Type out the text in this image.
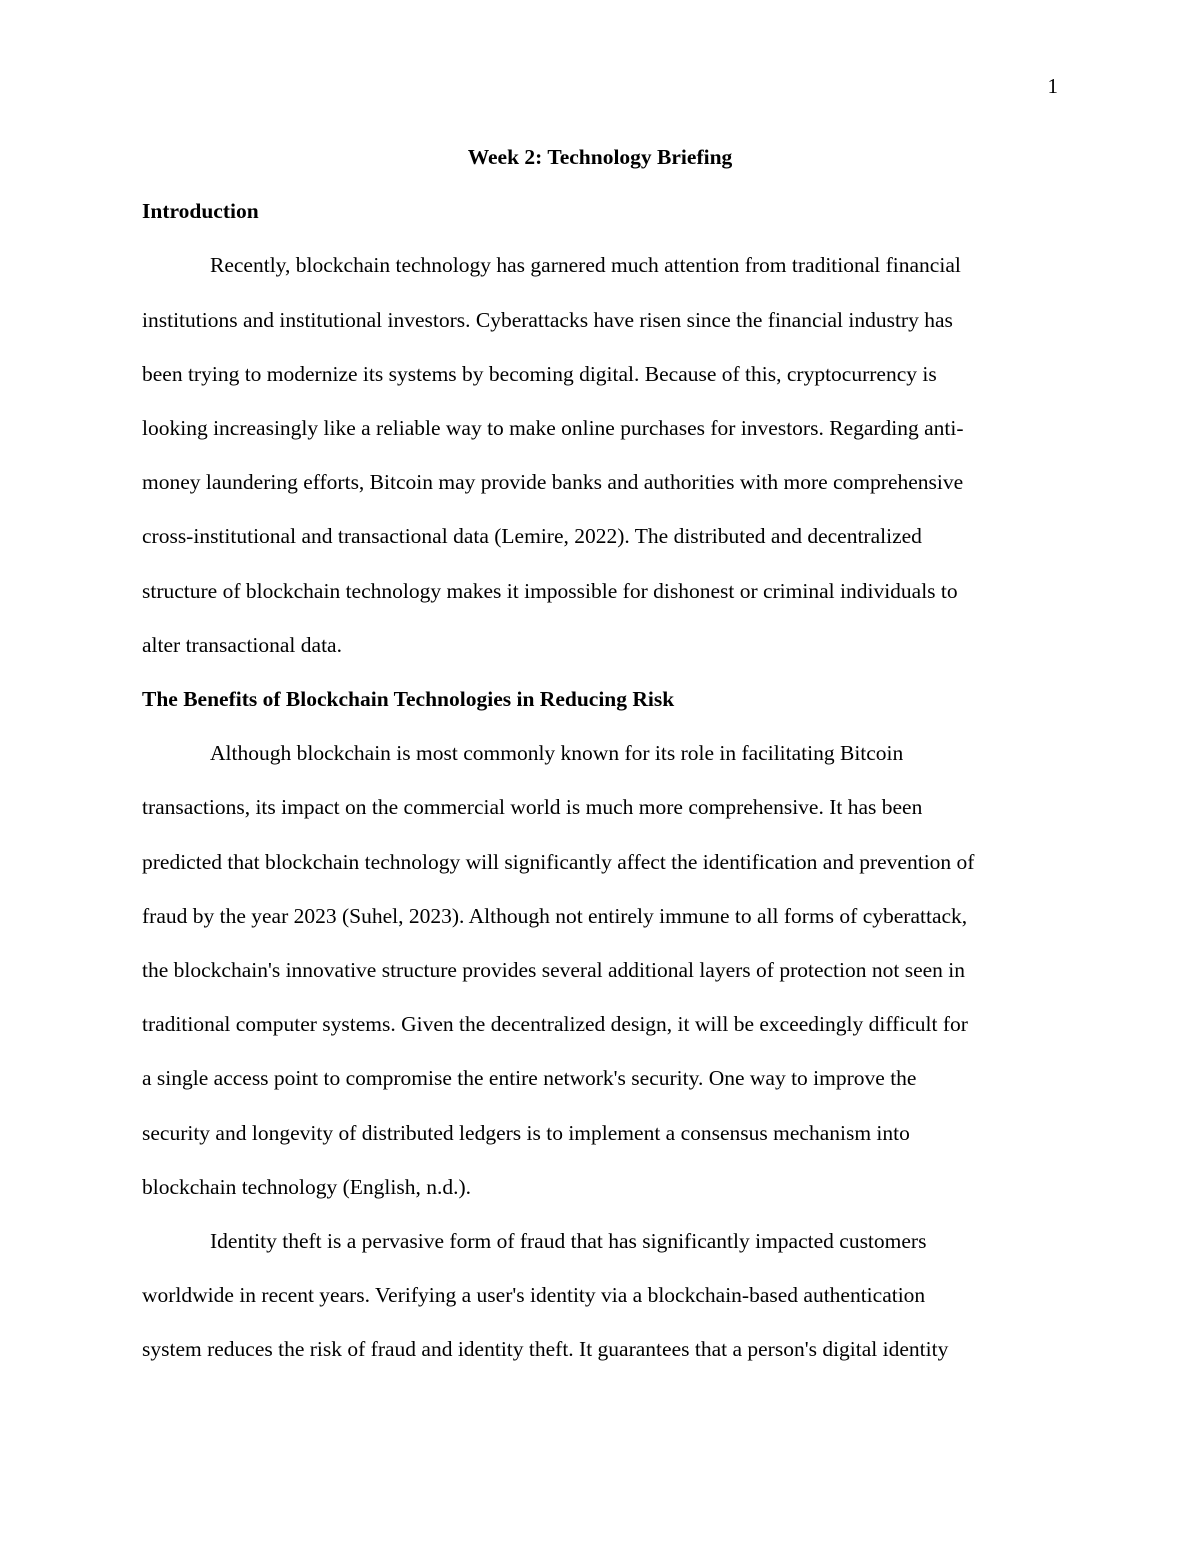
1
Week 2: Technology Briefing
Introduction

Recently, blockchain technology has garnered much attention from traditional financial
institutions and institutional investors. Cyberattacks have risen since the financial industry has
been trying to modernize its systems by becoming digital. Because of this, cryptocurrency is
looking increasingly like a reliable way to make online purchases for investors. Regarding anti-
money laundering efforts, Bitcoin may provide banks and authorities with more comprehensive
cross-institutional and transactional data (Lemire, 2022). The distributed and decentralized
structure of blockchain technology makes it impossible for dishonest or criminal individuals to
alter transactional data.

The Benefits of Blockchain Technologies in Reducing Risk

Although blockchain is most commonly known for its role in facilitating Bitcoin
transactions, its impact on the commercial world is much more comprehensive. It has been
predicted that blockchain technology will significantly affect the identification and prevention of
fraud by the year 2023 (Suhel, 2023). Although not entirely immune to all forms of cyberattack,
the blockchain's innovative structure provides several additional layers of protection not seen in
traditional computer systems. Given the decentralized design, it will be exceedingly difficult for
a single access point to compromise the entire network's security. One way to improve the
security and longevity of distributed ledgers is to implement a consensus mechanism into
blockchain technology (English, n.d.).

Identity theft is a pervasive form of fraud that has significantly impacted customers
worldwide in recent years. Verifying a user's identity via a blockchain-based authentication
system reduces the risk of fraud and identity theft. It guarantees that a person's digital identity
